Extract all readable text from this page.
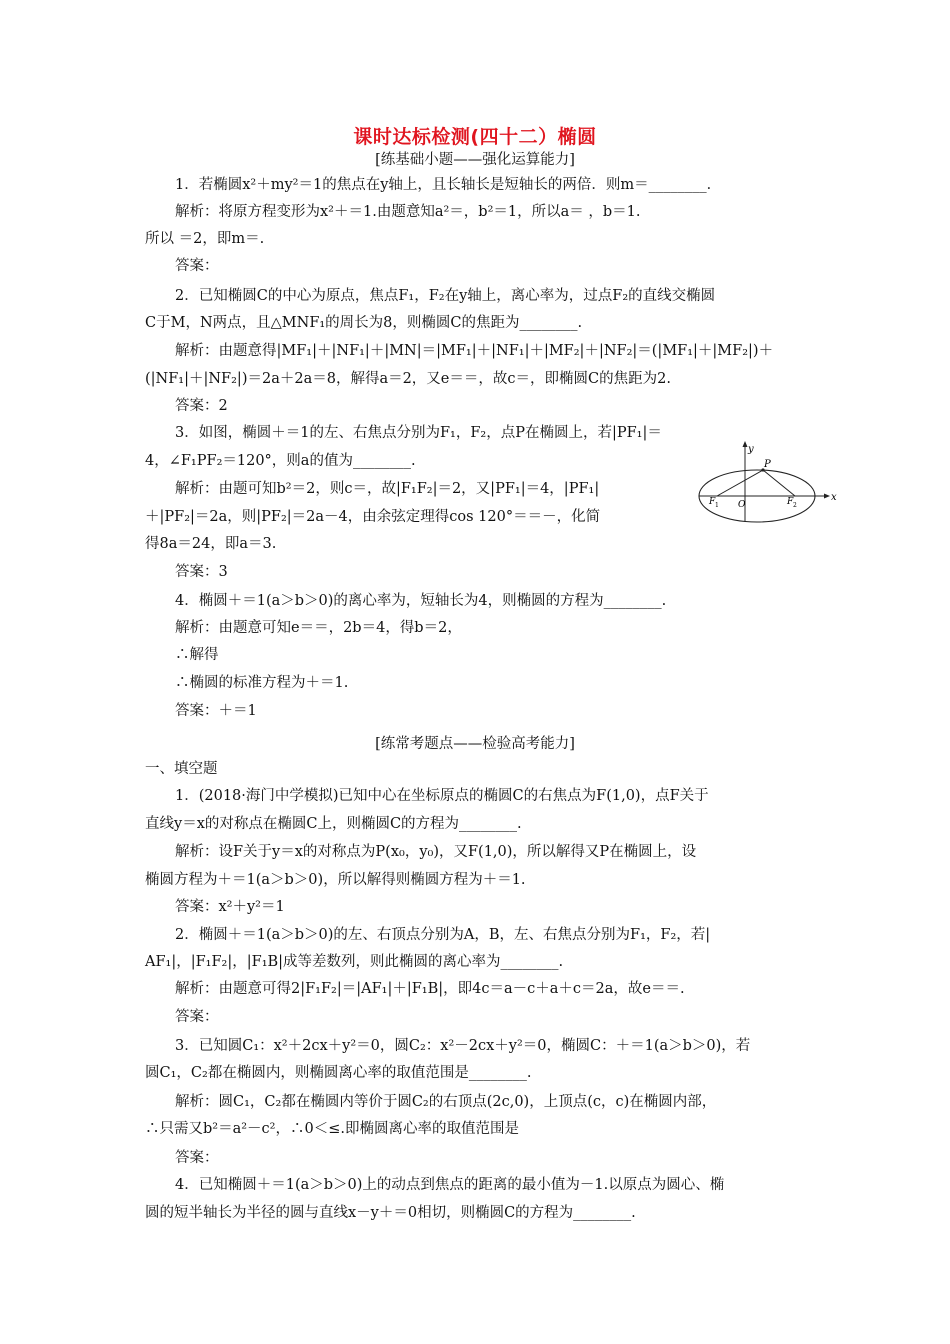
课时达标检测(四十二）椭圆
[练基础小题——强化运算能力]
1．若椭圆x²＋my²＝1的焦点在y轴上，且长轴长是短轴长的两倍．则m＝________．
解析：将原方程变形为x²＋＝1.由题意知a²＝，b²＝1，所以a＝ ，b＝1.
所以 ＝2，即m＝.
答案：
2．已知椭圆C的中心为原点，焦点F₁，F₂在y轴上，离心率为，过点F₂的直线交椭圆
C于M，N两点，且△MNF₁的周长为8，则椭圆C的焦距为________.
解析：由题意得|MF₁|＋|NF₁|＋|MN|＝|MF₁|＋|NF₁|＋|MF₂|＋|NF₂|＝(|MF₁|＋|MF₂|)＋
(|NF₁|＋|NF₂|)＝2a＋2a＝8，解得a＝2，又e＝＝，故c＝，即椭圆C的焦距为2.
答案：2
3．如图，椭圆＋＝1的左、右焦点分别为F₁，F₂，点P在椭圆上，若|PF₁|＝
4，∠F₁PF₂＝120°，则a的值为________.
解析：由题可知b²＝2，则c＝，故|F₁F₂|＝2，又|PF₁|＝4，|PF₁|
＋|PF₂|＝2a，则|PF₂|＝2a－4，由余弦定理得cos 120°＝＝－，化简
得8a＝24，即a＝3.
答案：3
4．椭圆＋＝1(a＞b＞0)的离心率为，短轴长为4，则椭圆的方程为________.
解析：由题意可知e＝＝，2b＝4，得b＝2，
∴解得
∴椭圆的标准方程为＋＝1.
答案：＋＝1
[练常考题点——检验高考能力]
一、填空题
1．(2018·海门中学模拟)已知中心在坐标原点的椭圆C的右焦点为F(1,0)，点F关于
直线y＝x的对称点在椭圆C上，则椭圆C的方程为________.
解析：设F关于y＝x的对称点为P(x₀，y₀)，又F(1,0)，所以解得又P在椭圆上，设
椭圆方程为＋＝1(a＞b＞0)，所以解得则椭圆方程为＋＝1.
答案：x²＋y²＝1
2．椭圆＋＝1(a＞b＞0)的左、右顶点分别为A，B，左、右焦点分别为F₁，F₂，若|
AF₁|，|F₁F₂|，|F₁B|成等差数列，则此椭圆的离心率为________.
解析：由题意可得2|F₁F₂|＝|AF₁|＋|F₁B|，即4c＝a－c＋a＋c＝2a，故e＝＝.
答案：
3．已知圆C₁：x²＋2cx＋y²＝0，圆C₂：x²－2cx＋y²＝0，椭圆C：＋＝1(a＞b＞0)，若
圆C₁，C₂都在椭圆内，则椭圆离心率的取值范围是________.
解析：圆C₁，C₂都在椭圆内等价于圆C₂的右顶点(2c,0)，上顶点(c，c)在椭圆内部，
∴只需又b²＝a²－c²，∴0＜≤.即椭圆离心率的取值范围是
答案：
4．已知椭圆＋＝1(a＞b＞0)上的动点到焦点的距离的最小值为－1.以原点为圆心、椭
圆的短半轴长为半径的圆与直线x－y＋＝0相切，则椭圆C的方程为________.
y
x
P
O
F 1	F 2
